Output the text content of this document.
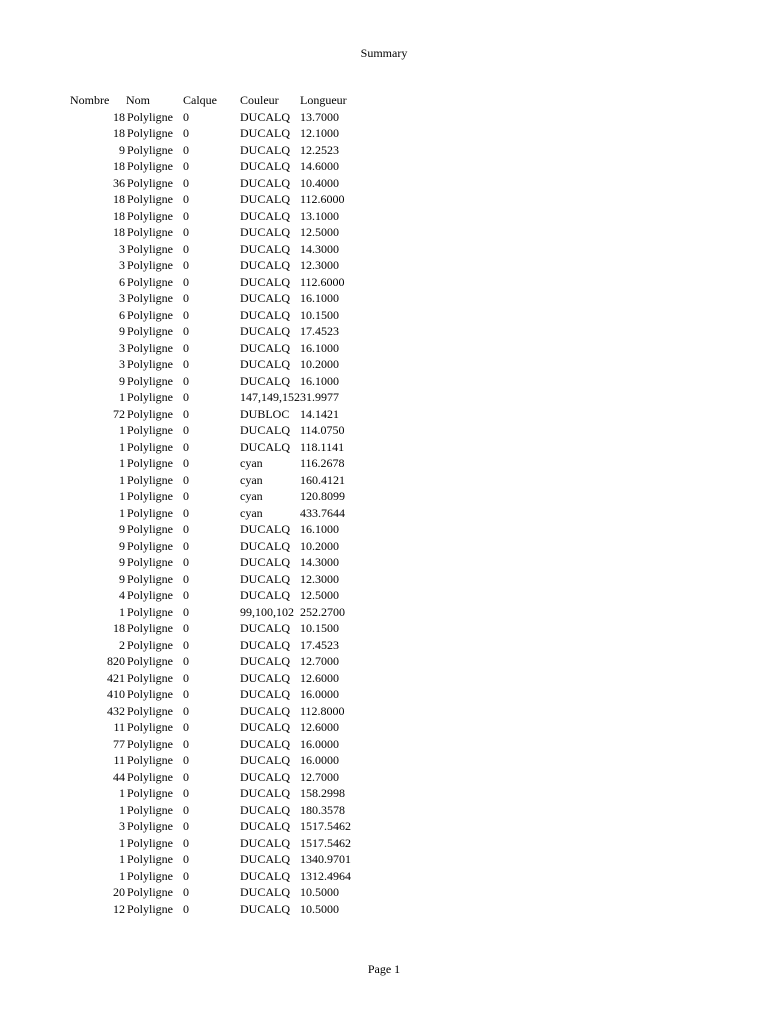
Summary
Nombre	Nom	Calque	Couleur	Longueur
18	Polyligne	0	DUCALQ	13.7000
18	Polyligne	0	DUCALQ	12.1000
9	Polyligne	0	DUCALQ	12.2523
18	Polyligne	0	DUCALQ	14.6000
36	Polyligne	0	DUCALQ	10.4000
18	Polyligne	0	DUCALQ	112.6000
18	Polyligne	0	DUCALQ	13.1000
18	Polyligne	0	DUCALQ	12.5000
3	Polyligne	0	DUCALQ	14.3000
3	Polyligne	0	DUCALQ	12.3000
6	Polyligne	0	DUCALQ	112.6000
3	Polyligne	0	DUCALQ	16.1000
6	Polyligne	0	DUCALQ	10.1500
9	Polyligne	0	DUCALQ	17.4523
3	Polyligne	0	DUCALQ	16.1000
3	Polyligne	0	DUCALQ	10.2000
9	Polyligne	0	DUCALQ	16.1000
1	Polyligne	0	147,149,152	31.9977
72	Polyligne	0	DUBLOC	14.1421
1	Polyligne	0	DUCALQ	114.0750
1	Polyligne	0	DUCALQ	118.1141
1	Polyligne	0	cyan	116.2678
1	Polyligne	0	cyan	160.4121
1	Polyligne	0	cyan	120.8099
1	Polyligne	0	cyan	433.7644
9	Polyligne	0	DUCALQ	16.1000
9	Polyligne	0	DUCALQ	10.2000
9	Polyligne	0	DUCALQ	14.3000
9	Polyligne	0	DUCALQ	12.3000
4	Polyligne	0	DUCALQ	12.5000
1	Polyligne	0	99,100,102	252.2700
18	Polyligne	0	DUCALQ	10.1500
2	Polyligne	0	DUCALQ	17.4523
820	Polyligne	0	DUCALQ	12.7000
421	Polyligne	0	DUCALQ	12.6000
410	Polyligne	0	DUCALQ	16.0000
432	Polyligne	0	DUCALQ	112.8000
11	Polyligne	0	DUCALQ	12.6000
77	Polyligne	0	DUCALQ	16.0000
11	Polyligne	0	DUCALQ	16.0000
44	Polyligne	0	DUCALQ	12.7000
1	Polyligne	0	DUCALQ	158.2998
1	Polyligne	0	DUCALQ	180.3578
3	Polyligne	0	DUCALQ	1517.5462
1	Polyligne	0	DUCALQ	1517.5462
1	Polyligne	0	DUCALQ	1340.9701
1	Polyligne	0	DUCALQ	1312.4964
20	Polyligne	0	DUCALQ	10.5000
12	Polyligne	0	DUCALQ	10.5000
Page 1
